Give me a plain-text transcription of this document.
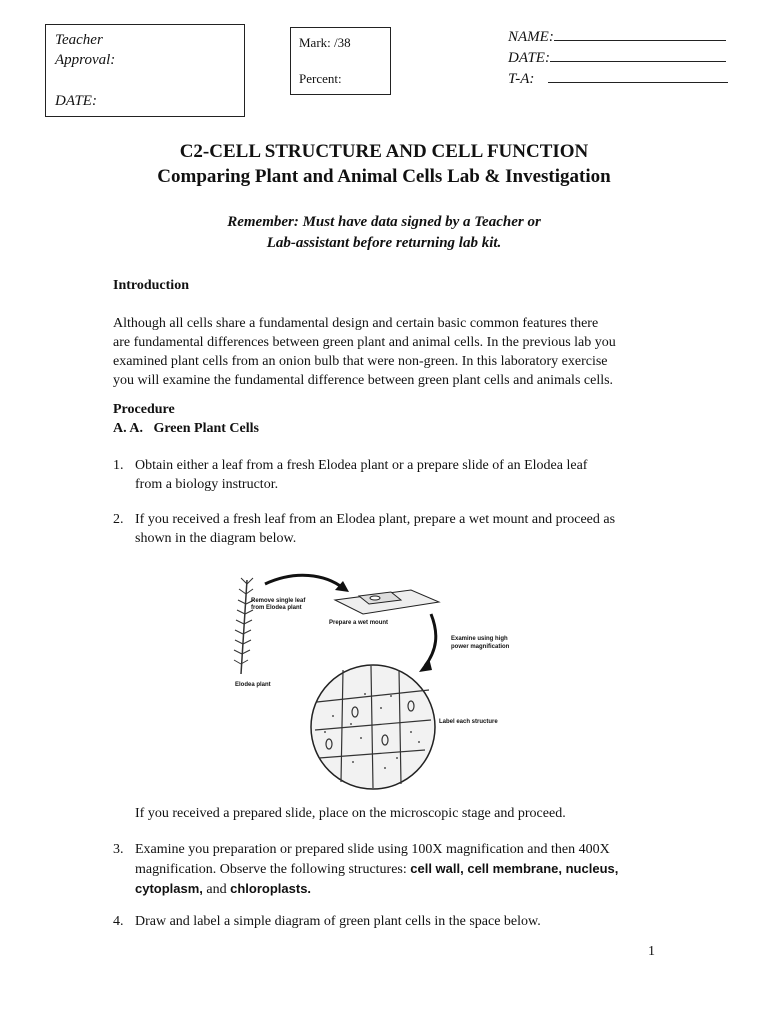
Teacher
Approval:
DATE:
Mark: /38
Percent:
NAME:
DATE:
T-A:
C2-CELL STRUCTURE AND CELL FUNCTION
Comparing Plant and Animal Cells Lab & Investigation
Remember: Must have data signed by a Teacher or
Lab-assistant before returning lab kit.
Introduction
Although all cells share a fundamental design and certain basic common features there
are fundamental differences between green plant and animal cells. In the previous lab you
examined plant cells from an onion bulb that were non-green. In this laboratory exercise
you will examine the fundamental difference between green plant cells and animals cells.
Procedure
A. A.   Green Plant Cells
1. Obtain either a leaf from a fresh Elodea plant or a prepare slide of an Elodea leaf
from a biology instructor.
2. If you received a fresh leaf from an Elodea plant, prepare a wet mount and proceed as
shown in the diagram below.
Remove single leaf
from Elodea plant
Prepare a wet mount
Examine using high
power magnification
Elodea plant
Label each structure
If you received a prepared slide, place on the microscopic stage and proceed.
3. Examine you preparation or prepared slide using 100X magnification and then 400X
magnification. Observe the following structures: cell wall, cell membrane, nucleus,
cytoplasm, and chloroplasts.
4. Draw and label a simple diagram of green plant cells in the space below.
1
